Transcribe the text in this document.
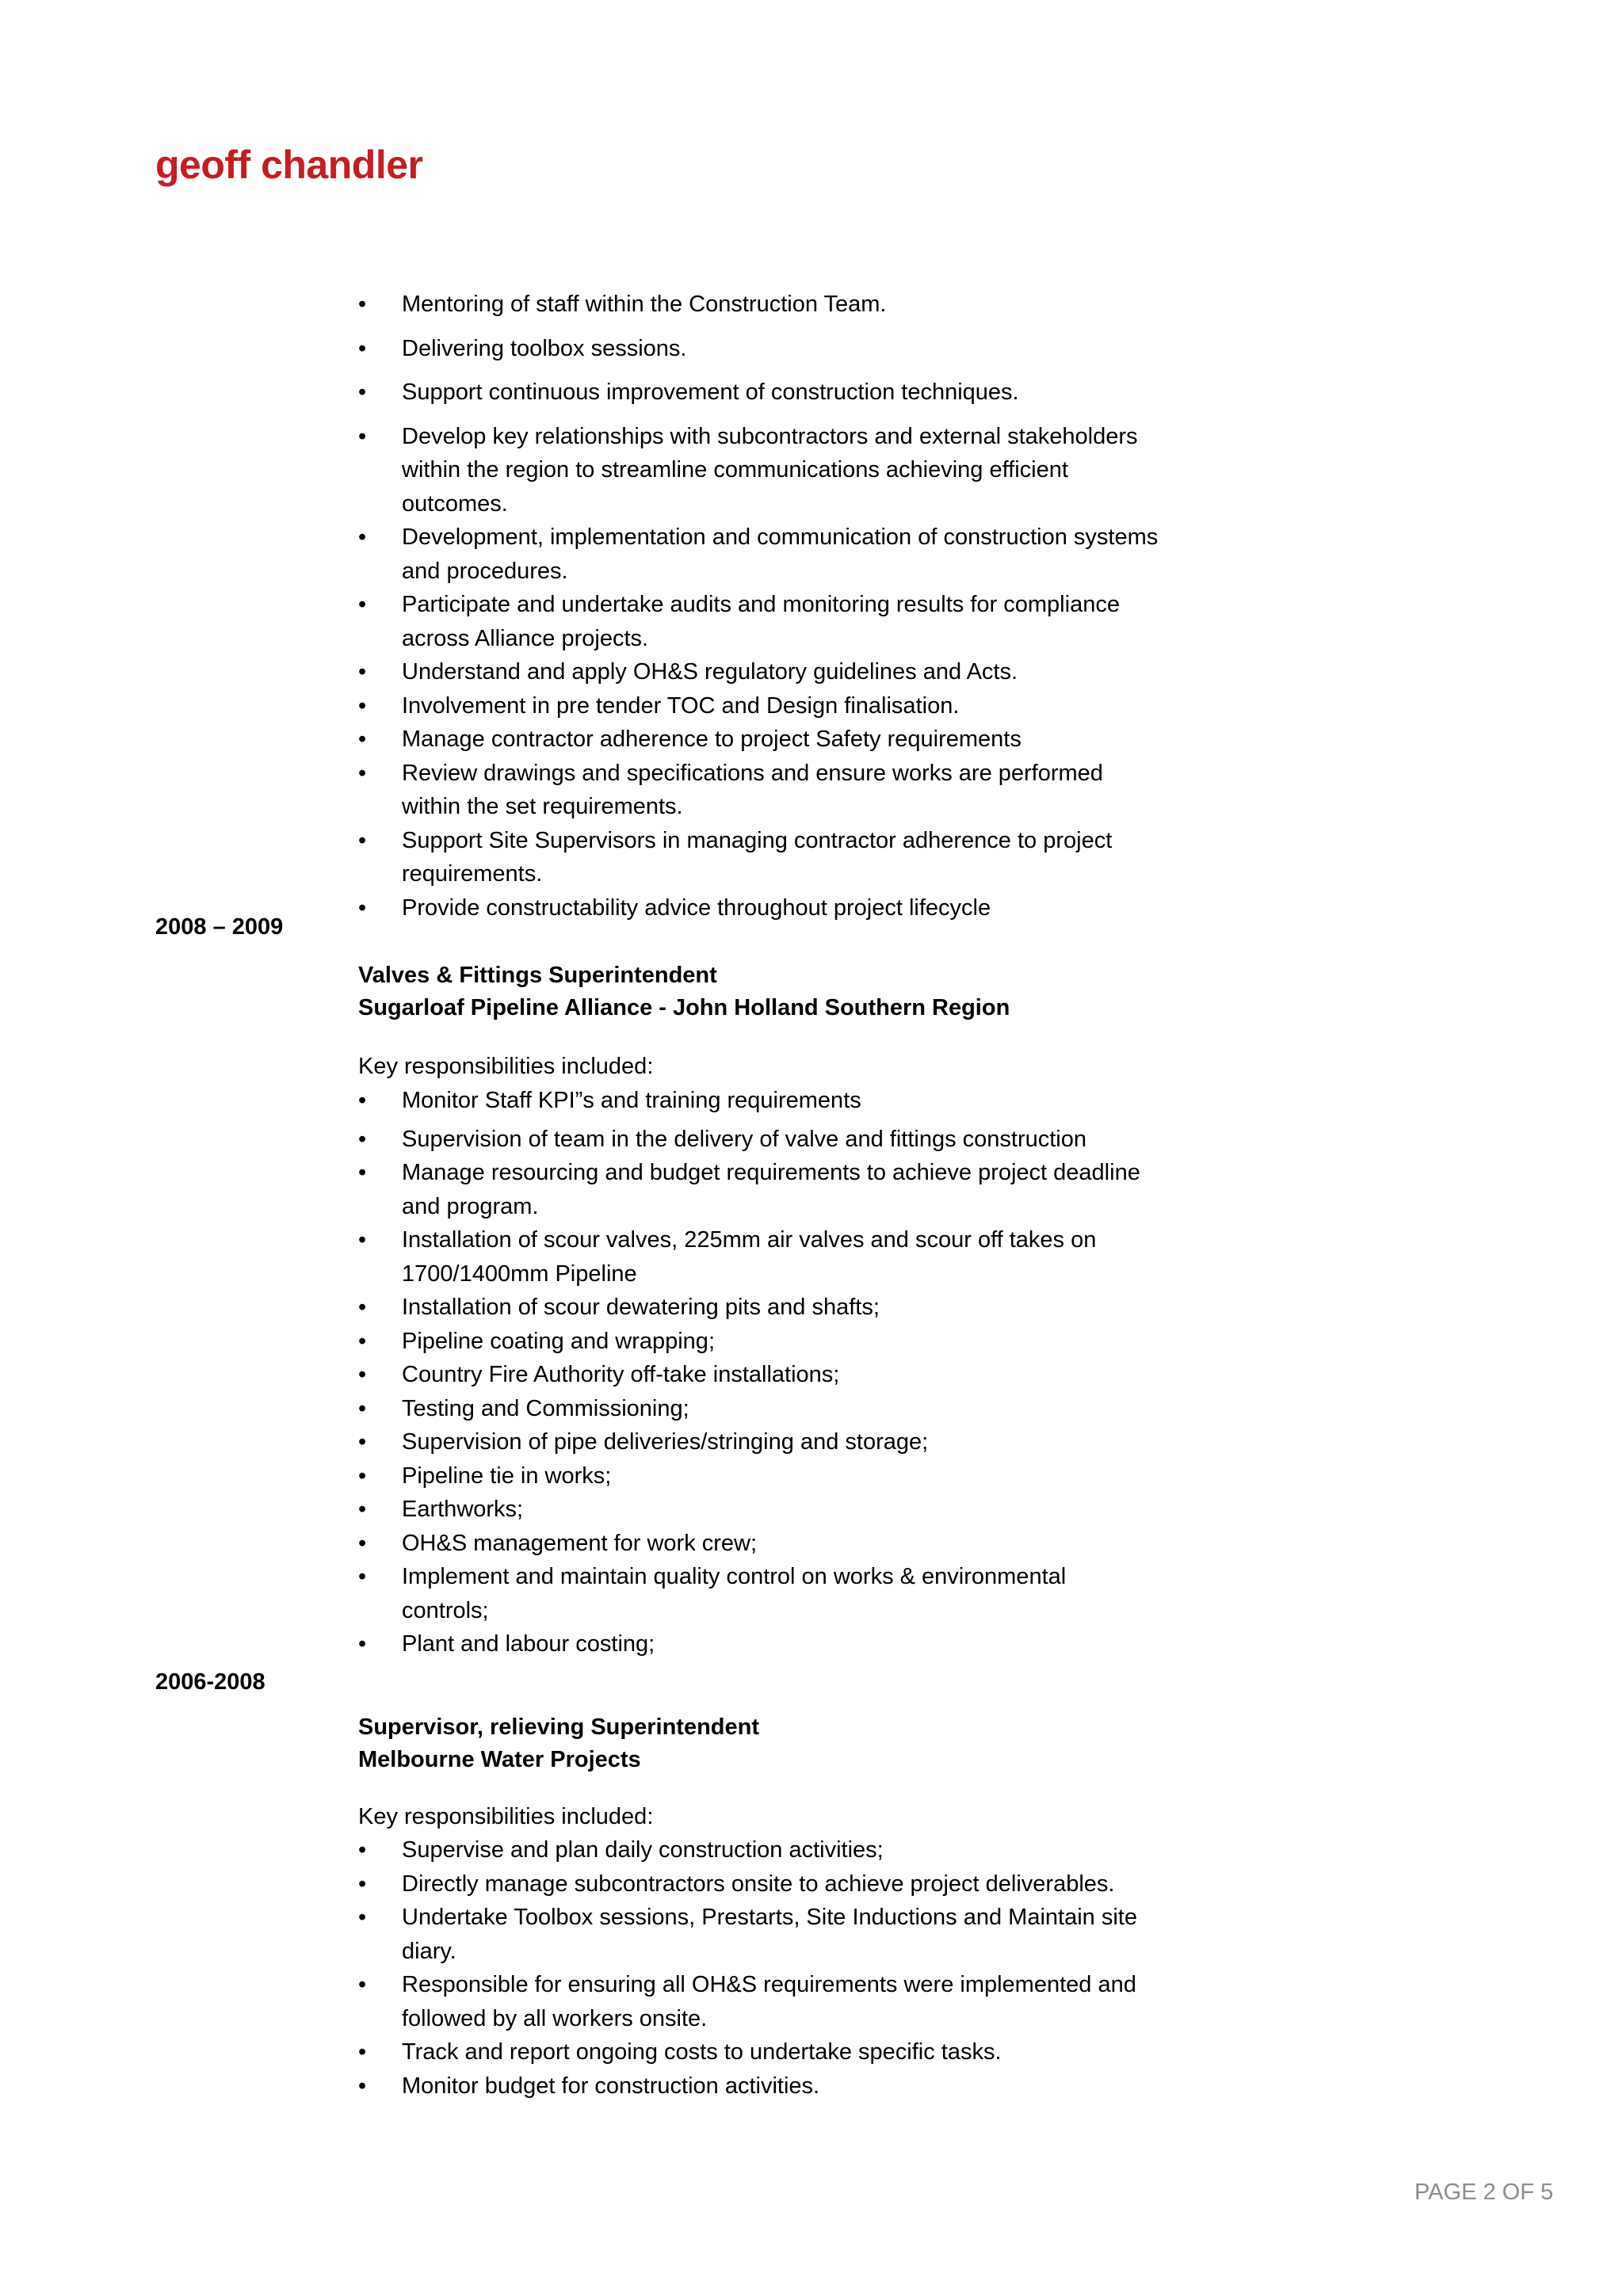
geoff chandler
• Mentoring of staff within the Construction Team.
• Delivering toolbox sessions.
• Support continuous improvement of construction techniques.
• Develop key relationships with subcontractors and external stakeholders within the region to streamline communications achieving efficient outcomes.
• Development, implementation and communication of construction systems and procedures.
• Participate and undertake audits and monitoring results for compliance across Alliance projects.
• Understand and apply OH&S regulatory guidelines and Acts.
• Involvement in pre tender TOC and Design finalisation.
• Manage contractor adherence to project Safety requirements
• Review drawings and specifications and ensure works are performed within the set requirements.
• Support Site Supervisors in managing contractor adherence to project requirements.
• Provide constructability advice throughout project lifecycle

2008 – 2009

Valves & Fittings Superintendent

Sugarloaf Pipeline Alliance - John Holland Southern Region

Key responsibilities included:

• Monitor Staff KPI”s and training requirements
• Supervision of team in the delivery of valve and fittings construction
• Manage resourcing and budget requirements to achieve project deadline and program.
• Installation of scour valves, 225mm air valves and scour off takes on 1700/1400mm Pipeline
• Installation of scour dewatering pits and shafts;
• Pipeline coating and wrapping;
• Country Fire Authority off-take installations;
• Testing and Commissioning;
• Supervision of pipe deliveries/stringing and storage;
• Pipeline tie in works;
• Earthworks;
• OH&S management for work crew;
• Implement and maintain quality control on works & environmental controls;
• Plant and labour costing;

2006-2008

Supervisor, relieving Superintendent

Melbourne Water Projects

Key responsibilities included:

• Supervise and plan daily construction activities;
• Directly manage subcontractors onsite to achieve project deliverables.
• Undertake Toolbox sessions, Prestarts, Site Inductions and Maintain site diary.
• Responsible for ensuring all OH&S requirements were implemented and followed by all workers onsite.
• Track and report ongoing costs to undertake specific tasks.
• Monitor budget for construction activities.

PAGE 2 OF 5
